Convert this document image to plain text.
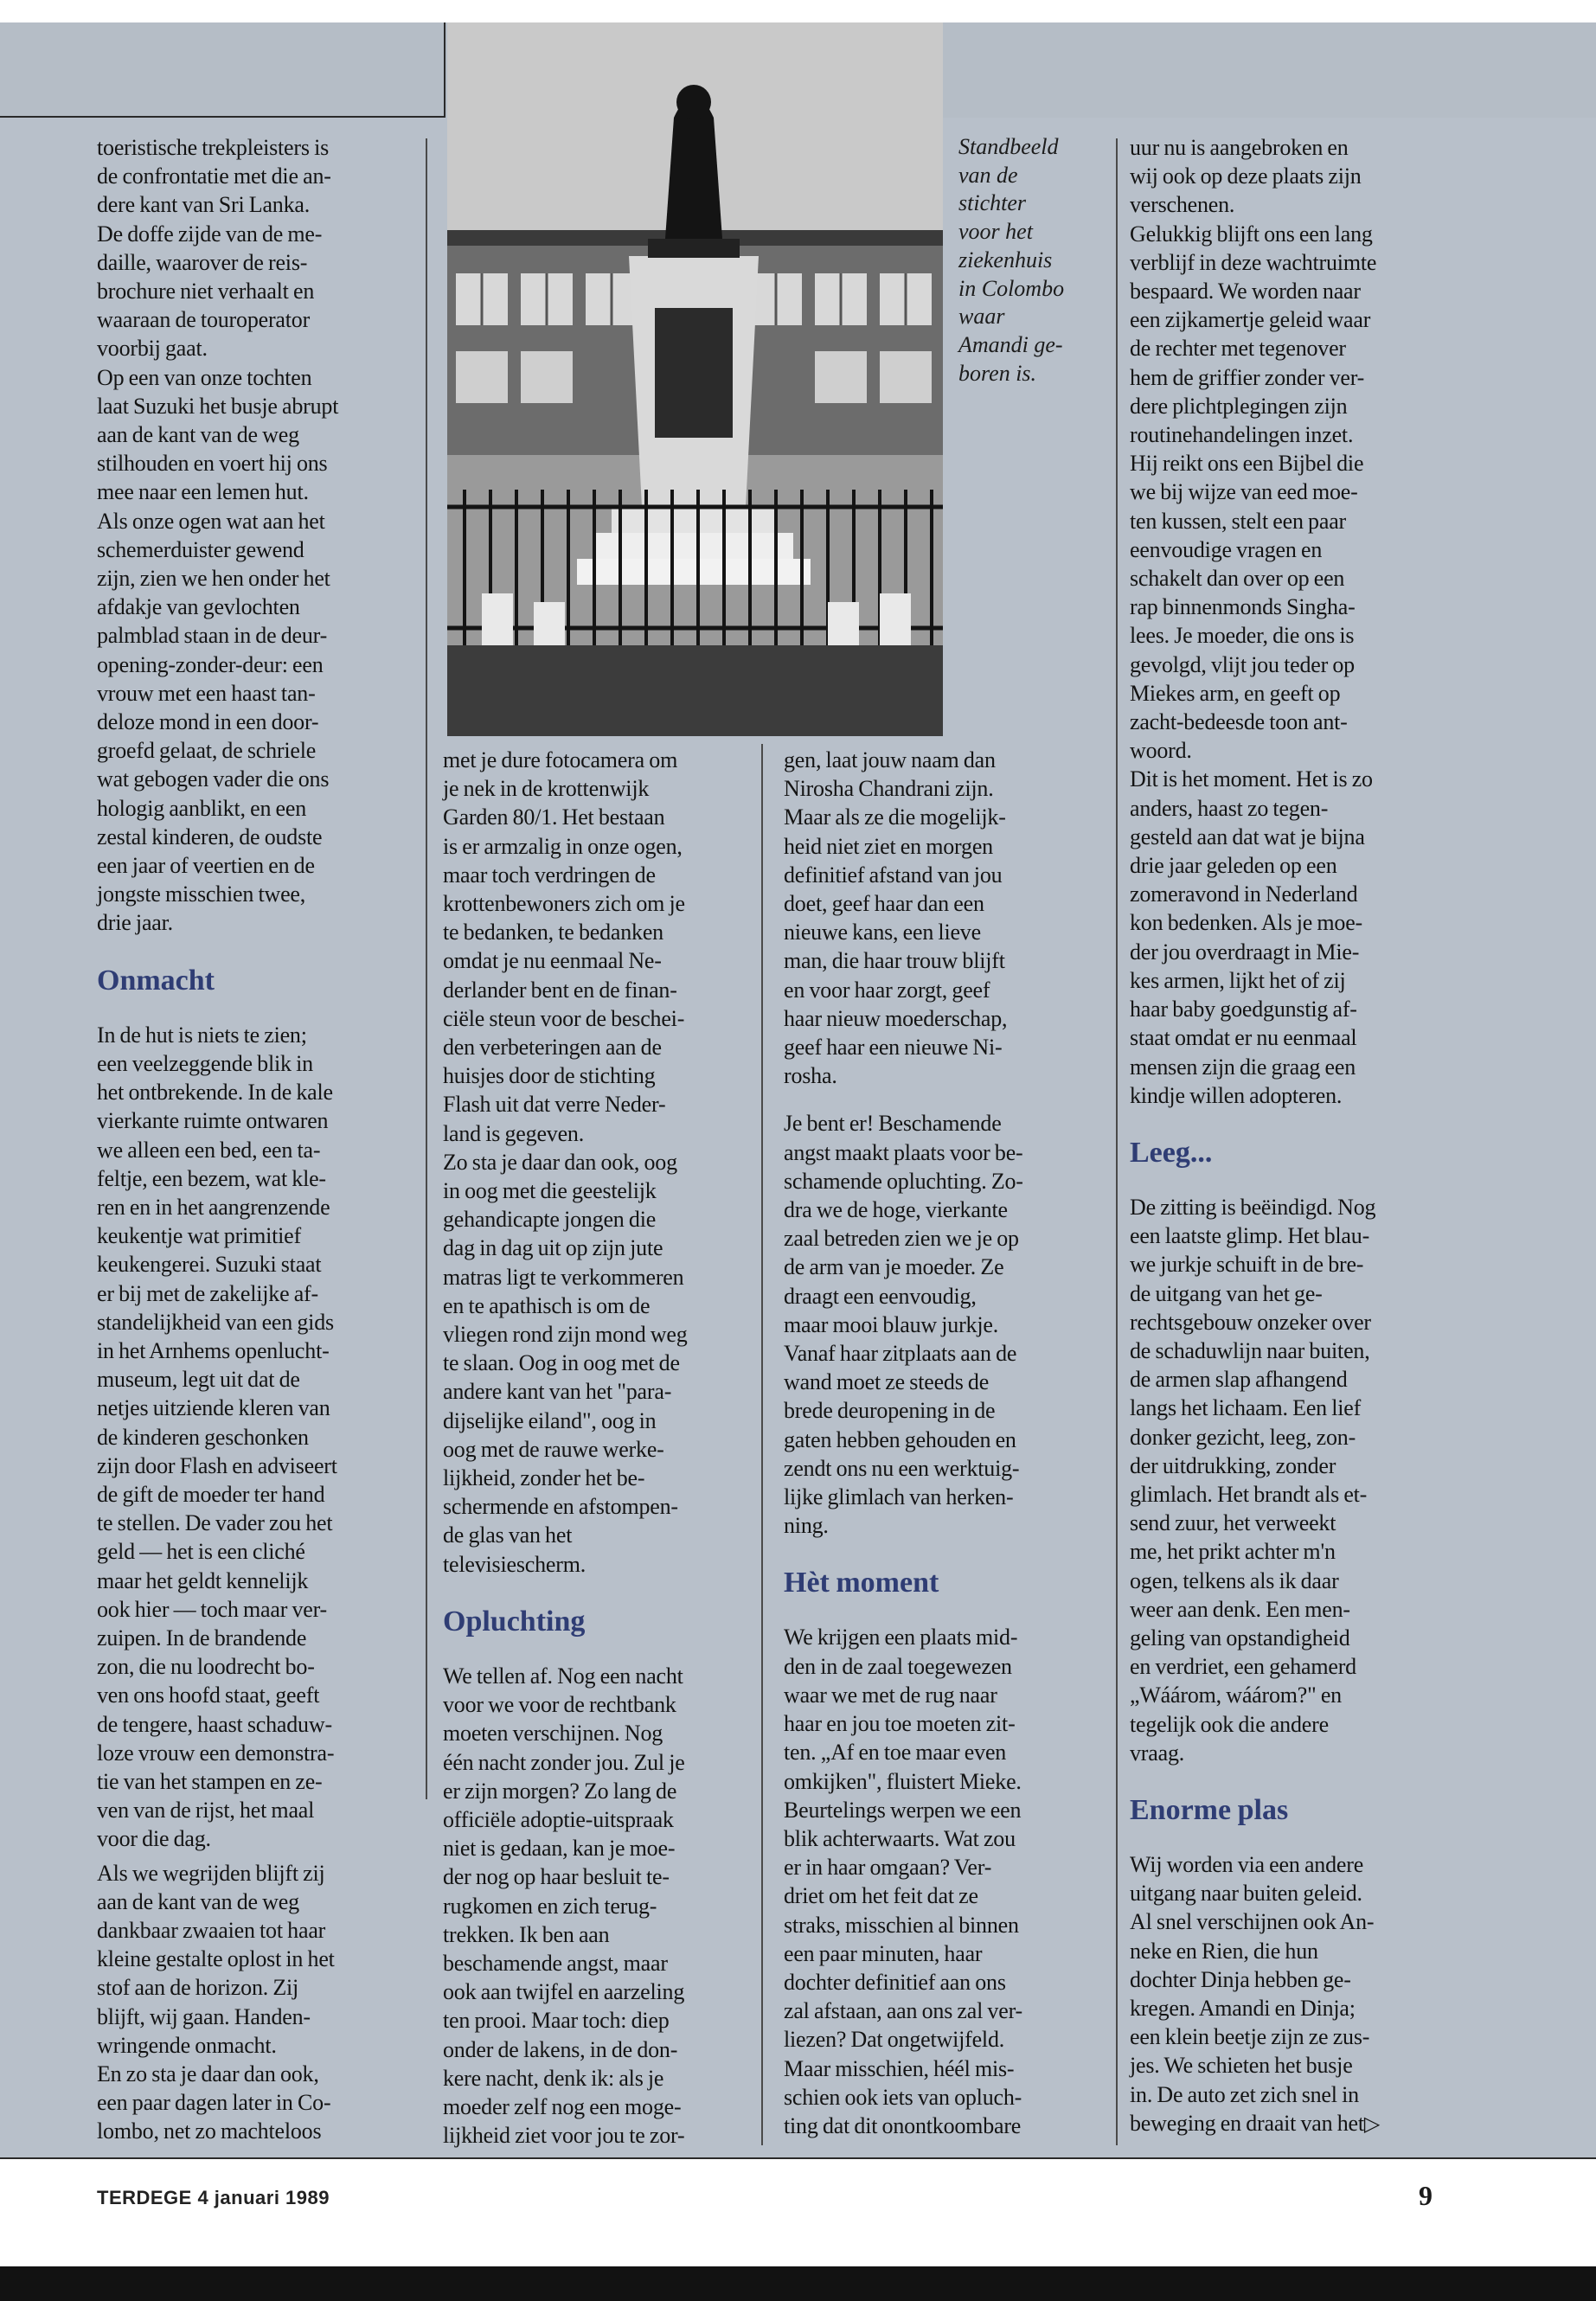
Standbeeld

van de

stichter

voor het

ziekenhuis

in Colombo

waar

Amandi ge-

boren is.

toeristische trekpleisters is
de confrontatie met die an-
dere kant van Sri Lanka.
De doffe zijde van de me-
daille, waarover de reis-
brochure niet verhaalt en
waaraan de touroperator
voorbij gaat.
Op een van onze tochten
laat Suzuki het busje abrupt
aan de kant van de weg
stilhouden en voert hij ons
mee naar een lemen hut.
Als onze ogen wat aan het
schemerduister gewend
zijn, zien we hen onder het
afdakje van gevlochten
palmblad staan in de deur-
opening-zonder-deur: een
vrouw met een haast tan-
deloze mond in een door-
groefd gelaat, de schriele
wat gebogen vader die ons
hologig aanblikt, en een
zestal kinderen, de oudste
een jaar of veertien en de
jongste misschien twee,
drie jaar.

Onmacht

In de hut is niets te zien;
een veelzeggende blik in
het ontbrekende. In de kale
vierkante ruimte ontwaren
we alleen een bed, een ta-
feltje, een bezem, wat kle-
ren en in het aangrenzende
keukentje wat primitief
keukengerei. Suzuki staat
er bij met de zakelijke af-
standelijkheid van een gids
in het Arnhems openlucht-
museum, legt uit dat de
netjes uitziende kleren van
de kinderen geschonken
zijn door Flash en adviseert
de gift de moeder ter hand
te stellen. De vader zou het
geld — het is een cliché
maar het geldt kennelijk
ook hier — toch maar ver-
zuipen. In de brandende
zon, die nu loodrecht bo-
ven ons hoofd staat, geeft
de tengere, haast schaduw-
loze vrouw een demonstra-
tie van het stampen en ze-
ven van de rijst, het maal
voor die dag.

Als we wegrijden blijft zij
aan de kant van de weg
dankbaar zwaaien tot haar
kleine gestalte oplost in het
stof aan de horizon. Zij
blijft, wij gaan. Handen-
wringende onmacht.
En zo sta je daar dan ook,
een paar dagen later in Co-
lombo, net zo machteloos

met je dure fotocamera om
je nek in de krottenwijk
Garden 80/1. Het bestaan
is er armzalig in onze ogen,
maar toch verdringen de
krottenbewoners zich om je
te bedanken, te bedanken
omdat je nu eenmaal Ne-
derlander bent en de finan-
ciële steun voor de beschei-
den verbeteringen aan de
huisjes door de stichting
Flash uit dat verre Neder-
land is gegeven.
Zo sta je daar dan ook, oog
in oog met die geestelijk
gehandicapte jongen die
dag in dag uit op zijn jute
matras ligt te verkommeren
en te apathisch is om de
vliegen rond zijn mond weg
te slaan. Oog in oog met de
andere kant van het "para-
dijselijke eiland", oog in
oog met de rauwe werke-
lijkheid, zonder het be-
schermende en afstompen-
de glas van het
televisiescherm.

Opluchting

We tellen af. Nog een nacht
voor we voor de rechtbank
moeten verschijnen. Nog
één nacht zonder jou. Zul je
er zijn morgen? Zo lang de
officiële adoptie-uitspraak
niet is gedaan, kan je moe-
der nog op haar besluit te-
rugkomen en zich terug-
trekken. Ik ben aan
beschamende angst, maar
ook aan twijfel en aarzeling
ten prooi. Maar toch: diep
onder de lakens, in de don-
kere nacht, denk ik: als je
moeder zelf nog een moge-
lijkheid ziet voor jou te zor-

gen, laat jouw naam dan
Nirosha Chandrani zijn.
Maar als ze die mogelijk-
heid niet ziet en morgen
definitief afstand van jou
doet, geef haar dan een
nieuwe kans, een lieve
man, die haar trouw blijft
en voor haar zorgt, geef
haar nieuw moederschap,
geef haar een nieuwe Ni-
rosha.

Je bent er! Beschamende
angst maakt plaats voor be-
schamende opluchting. Zo-
dra we de hoge, vierkante
zaal betreden zien we je op
de arm van je moeder. Ze
draagt een eenvoudig,
maar mooi blauw jurkje.
Vanaf haar zitplaats aan de
wand moet ze steeds de
brede deuropening in de
gaten hebben gehouden en
zendt ons nu een werktuig-
lijke glimlach van herken-
ning.

Hèt moment

We krijgen een plaats mid-
den in de zaal toegewezen
waar we met de rug naar
haar en jou toe moeten zit-
ten. „Af en toe maar even
omkijken", fluistert Mieke.
Beurtelings werpen we een
blik achterwaarts. Wat zou
er in haar omgaan? Ver-
driet om het feit dat ze
straks, misschien al binnen
een paar minuten, haar
dochter definitief aan ons
zal afstaan, aan ons zal ver-
liezen? Dat ongetwijfeld.
Maar misschien, héél mis-
schien ook iets van opluch-
ting dat dit onontkoombare

uur nu is aangebroken en
wij ook op deze plaats zijn
verschenen.
Gelukkig blijft ons een lang
verblijf in deze wachtruimte
bespaard. We worden naar
een zijkamertje geleid waar
de rechter met tegenover
hem de griffier zonder ver-
dere plichtplegingen zijn
routinehandelingen inzet.
Hij reikt ons een Bijbel die
we bij wijze van eed moe-
ten kussen, stelt een paar
eenvoudige vragen en
schakelt dan over op een
rap binnenmonds Singha-
lees. Je moeder, die ons is
gevolgd, vlijt jou teder op
Miekes arm, en geeft op
zacht-bedeesde toon ant-
woord.
Dit is het moment. Het is zo
anders, haast zo tegen-
gesteld aan dat wat je bijna
drie jaar geleden op een
zomeravond in Nederland
kon bedenken. Als je moe-
der jou overdraagt in Mie-
kes armen, lijkt het of zij
haar baby goedgunstig af-
staat omdat er nu eenmaal
mensen zijn die graag een
kindje willen adopteren.

Leeg...

De zitting is beëindigd. Nog
een laatste glimp. Het blau-
we jurkje schuift in de bre-
de uitgang van het ge-
rechtsgebouw onzeker over
de schaduwlijn naar buiten,
de armen slap afhangend
langs het lichaam. Een lief
donker gezicht, leeg, zon-
der uitdrukking, zonder
glimlach. Het brandt als et-
send zuur, het verweekt
me, het prikt achter m'n
ogen, telkens als ik daar
weer aan denk. Een men-
geling van opstandigheid
en verdriet, een gehamerd
„Wáárom, wáárom?" en
tegelijk ook die andere
vraag.

Enorme plas

Wij worden via een andere
uitgang naar buiten geleid.
Al snel verschijnen ook An-
neke en Rien, die hun
dochter Dinja hebben ge-
kregen. Amandi en Dinja;
een klein beetje zijn ze zus-
jes. We schieten het busje
in. De auto zet zich snel in
beweging en draait van het▷

TERDEGE 4 januari 1989	9
